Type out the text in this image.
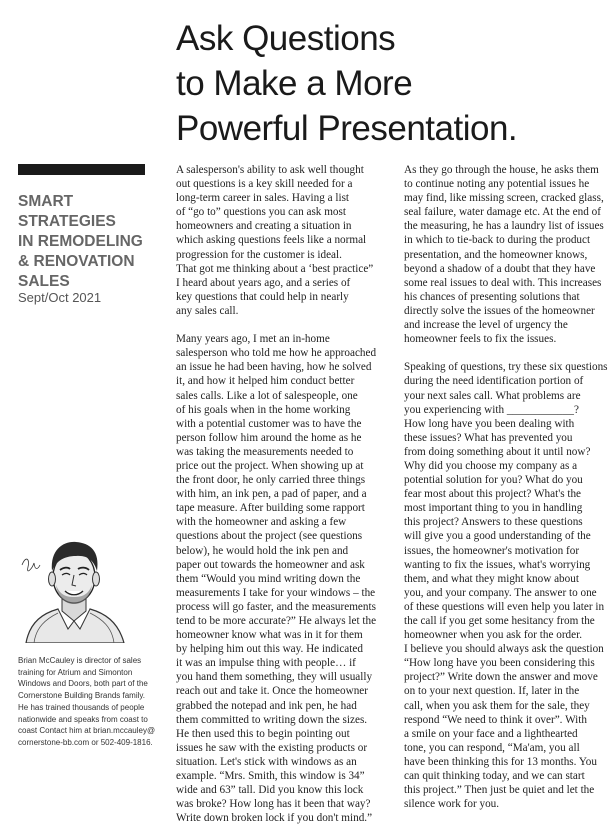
Ask Questions
to Make a More
Powerful Presentation.
SMART
STRATEGIES
IN REMODELING
& RENOVATION
SALES
Sept/Oct 2021
Brian McCauley is director of sales
training for Atrium and Simonton
Windows and Doors, both part of the
Cornerstone Building Brands family.
He has trained thousands of people
nationwide and speaks from coast to
coast Contact him at brian.mccauley@
cornerstone-bb.com or 502-409-1816.
A salesperson's ability to ask well thought
out questions is a key skill needed for a
long-term career in sales. Having a list
of “go to” questions you can ask most
homeowners and creating a situation in
which asking questions feels like a normal
progression for the customer is ideal.
That got me thinking about a ‘best practice”
I heard about years ago, and a series of
key questions that could help in nearly
any sales call.
Many years ago, I met an in-home
salesperson who told me how he approached
an issue he had been having, how he solved
it, and how it helped him conduct better
sales calls. Like a lot of salespeople, one
of his goals when in the home working
with a potential customer was to have the
person follow him around the home as he
was taking the measurements needed to
price out the project. When showing up at
the front door, he only carried three things
with him, an ink pen, a pad of paper, and a
tape measure. After building some rapport
with the homeowner and asking a few
questions about the project (see questions
below), he would hold the ink pen and
paper out towards the homeowner and ask
them “Would you mind writing down the
measurements I take for your windows – the
process will go faster, and the measurements
tend to be more accurate?” He always let the
homeowner know what was in it for them
by helping him out this way. He indicated
it was an impulse thing with people… if
you hand them something, they will usually
reach out and take it. Once the homeowner
grabbed the notepad and ink pen, he had
them committed to writing down the sizes.
He then used this to begin pointing out
issues he saw with the existing products or
situation. Let's stick with windows as an
example. “Mrs. Smith, this window is 34”
wide and 63” tall. Did you know this lock
was broke? How long has it been that way?
Write down broken lock if you don't mind.”
As they go through the house, he asks them
to continue noting any potential issues he
may find, like missing screen, cracked glass,
seal failure, water damage etc. At the end of
the measuring, he has a laundry list of issues
in which to tie-back to during the product
presentation, and the homeowner knows,
beyond a shadow of a doubt that they have
some real issues to deal with. This increases
his chances of presenting solutions that
directly solve the issues of the homeowner
and increase the level of urgency the
homeowner feels to fix the issues.
Speaking of questions, try these six questions
during the need identification portion of
your next sales call. What problems are
you experiencing with ____________?
How long have you been dealing with
these issues? What has prevented you
from doing something about it until now?
Why did you choose my company as a
potential solution for you? What do you
fear most about this project? What's the
most important thing to you in handling
this project? Answers to these questions
will give you a good understanding of the
issues, the homeowner's motivation for
wanting to fix the issues, what's worrying
them, and what they might know about
you, and your company. The answer to one
of these questions will even help you later in
the call if you get some hesitancy from the
homeowner when you ask for the order.
I believe you should always ask the question
“How long have you been considering this
project?” Write down the answer and move
on to your next question. If, later in the
call, when you ask them for the sale, they
respond “We need to think it over”. With
a smile on your face and a lighthearted
tone, you can respond, “Ma'am, you all
have been thinking this for 13 months. You
can quit thinking today, and we can start
this project.” Then just be quiet and let the
silence work for you.
